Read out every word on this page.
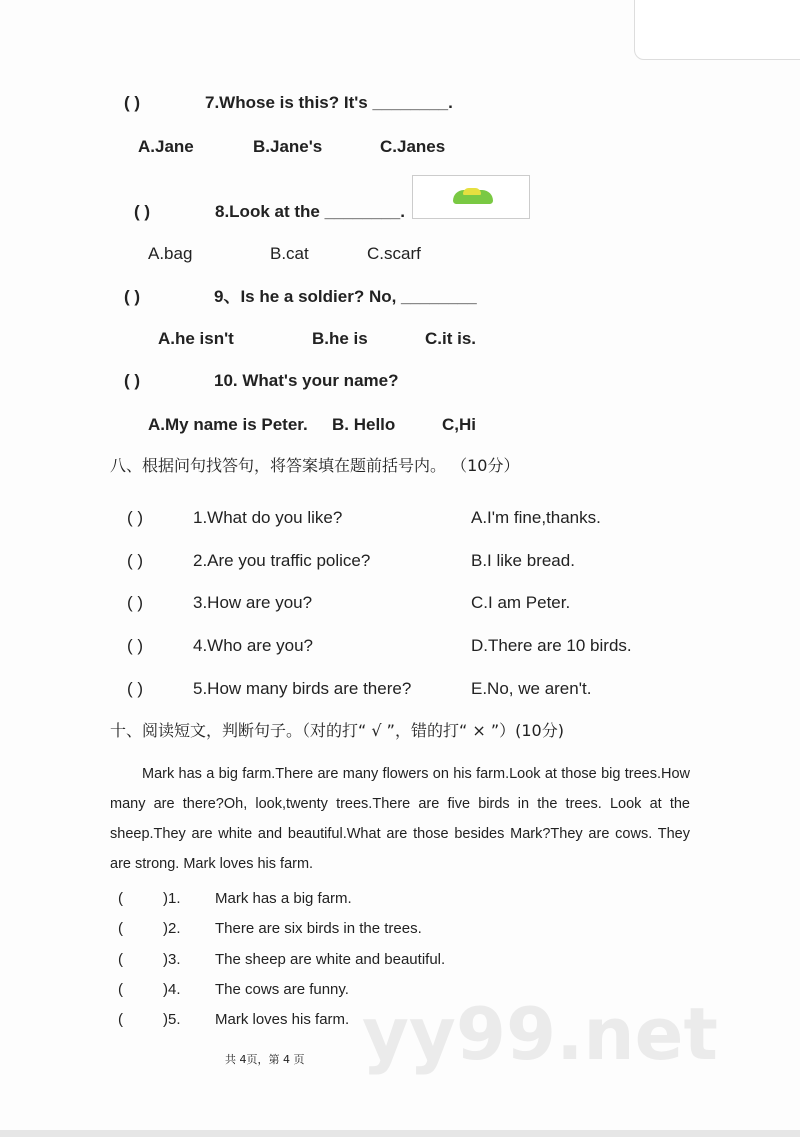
( )	7.Whose is this? It's ________.
A.Jane	B.Jane's	C.Janes
( )	8.Look at the ________.
A.bag	B.cat	C.scarf
( )	9、Is he a soldier? No, ________
A.he isn't	B.he is	C.it is.
( )	10. What's your name?
A.My name is Peter. B. Hello	C,Hi
八、根据问句找答句，将答案填在题前括号内。 （10分）
( )	1.What do you like?	A.I'm fine,thanks.
( )	2.Are you traffic police?	B.I like bread.
( )	3.How are you?	C.I am Peter.
( )	4.Who are you?	D.There are 10 birds.
( )	5.How many birds are there?	E.No, we aren't.
十、阅读短文，判断句子。（对的打“ √ ”，错的打“ × ”）(10分)
Mark has a big farm.There are many flowers on his farm.Look at those big trees.How many are there?Oh, look,twenty trees.There are five birds in the trees. Look at the sheep.They are white and beautiful.What are those besides Mark?They are cows. They are strong. Mark loves his farm.
(	)1. Mark has a big farm.
(	)2. There are six birds in the trees.
(	)3. The sheep are white and beautiful.
(	)4. The cows are funny.
yy99.net
(	)5. Mark loves his farm.
共 4页，第 4 页
